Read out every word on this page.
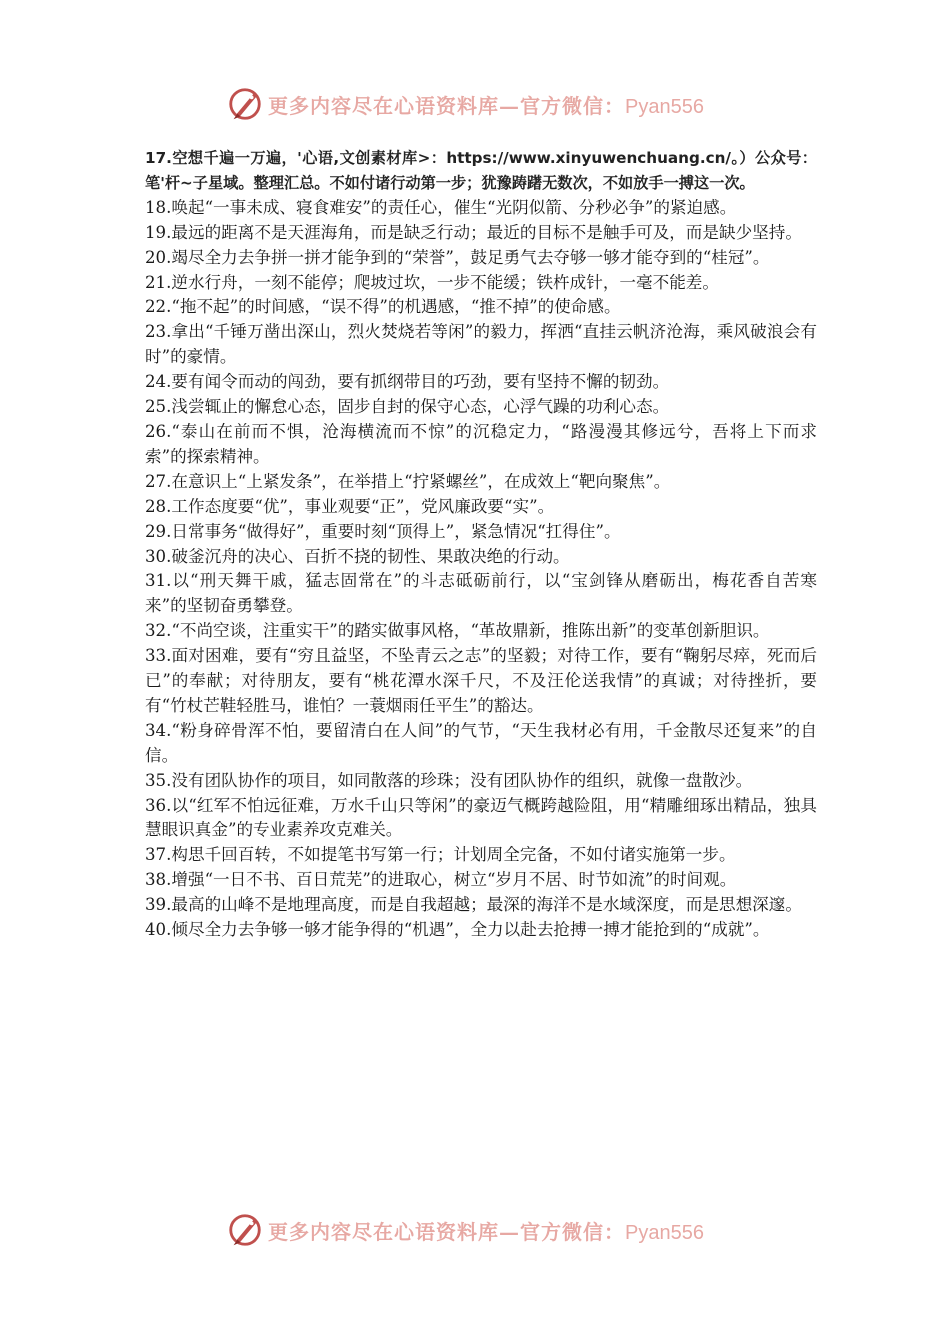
更多内容尽在心语资料库—官方微信：Pyan556

17.空想千遍一万遍，'心语,文创素材库>：https://www.xinyuwenchuang.cn/。）公众号：笔'杆~子星域。整理汇总。不如付诸行动第一步；犹豫踌躇无数次，不如放手一搏这一次。

18.唤起“一事未成、寝食难安”的责任心，催生“光阴似箭、分秒必争”的紧迫感。

19.最远的距离不是天涯海角，而是缺乏行动；最近的目标不是触手可及，而是缺少坚持。

20.竭尽全力去争拼一拼才能争到的“荣誉”，鼓足勇气去夺够一够才能夺到的“桂冠”。

21.逆水行舟，一刻不能停；爬坡过坎，一步不能缓；铁杵成针，一毫不能差。

22.“拖不起”的时间感，“误不得”的机遇感，“推不掉”的使命感。

23.拿出“千锤万凿出深山，烈火焚烧若等闲”的毅力，挥洒“直挂云帆济沧海，乘风破浪会有时”的豪情。

24.要有闻令而动的闯劲，要有抓纲带目的巧劲，要有坚持不懈的韧劲。

25.浅尝辄止的懈怠心态，固步自封的保守心态，心浮气躁的功利心态。

26.“泰山在前而不惧，沧海横流而不惊”的沉稳定力，“路漫漫其修远兮，吾将上下而求索”的探索精神。

27.在意识上“上紧发条”，在举措上“拧紧螺丝”，在成效上“靶向聚焦”。

28.工作态度要“优”，事业观要“正”，党风廉政要“实”。

29.日常事务“做得好”，重要时刻“顶得上”，紧急情况“扛得住”。

30.破釜沉舟的决心、百折不挠的韧性、果敢决绝的行动。

31.以“刑天舞干戚，猛志固常在”的斗志砥砺前行，以“宝剑锋从磨砺出，梅花香自苦寒来”的坚韧奋勇攀登。

32.“不尚空谈，注重实干”的踏实做事风格，“革故鼎新，推陈出新”的变革创新胆识。

33.面对困难，要有“穷且益坚，不坠青云之志”的坚毅；对待工作，要有“鞠躬尽瘁，死而后已”的奉献；对待朋友，要有“桃花潭水深千尺，不及汪伦送我情”的真诚；对待挫折，要有“竹杖芒鞋轻胜马，谁怕？一蓑烟雨任平生”的豁达。

34.“粉身碎骨浑不怕，要留清白在人间”的气节，“天生我材必有用，千金散尽还复来”的自信。

35.没有团队协作的项目，如同散落的珍珠；没有团队协作的组织，就像一盘散沙。

36.以“红军不怕远征难，万水千山只等闲”的豪迈气概跨越险阻，用“精雕细琢出精品，独具慧眼识真金”的专业素养攻克难关。

37.构思千回百转，不如提笔书写第一行；计划周全完备，不如付诸实施第一步。

38.增强“一日不书、百日荒芜”的进取心，树立“岁月不居、时节如流”的时间观。

39.最高的山峰不是地理高度，而是自我超越；最深的海洋不是水域深度，而是思想深邃。

40.倾尽全力去争够一够才能争得的“机遇”，全力以赴去抢搏一搏才能抢到的“成就”。

更多内容尽在心语资料库—官方微信：Pyan556
